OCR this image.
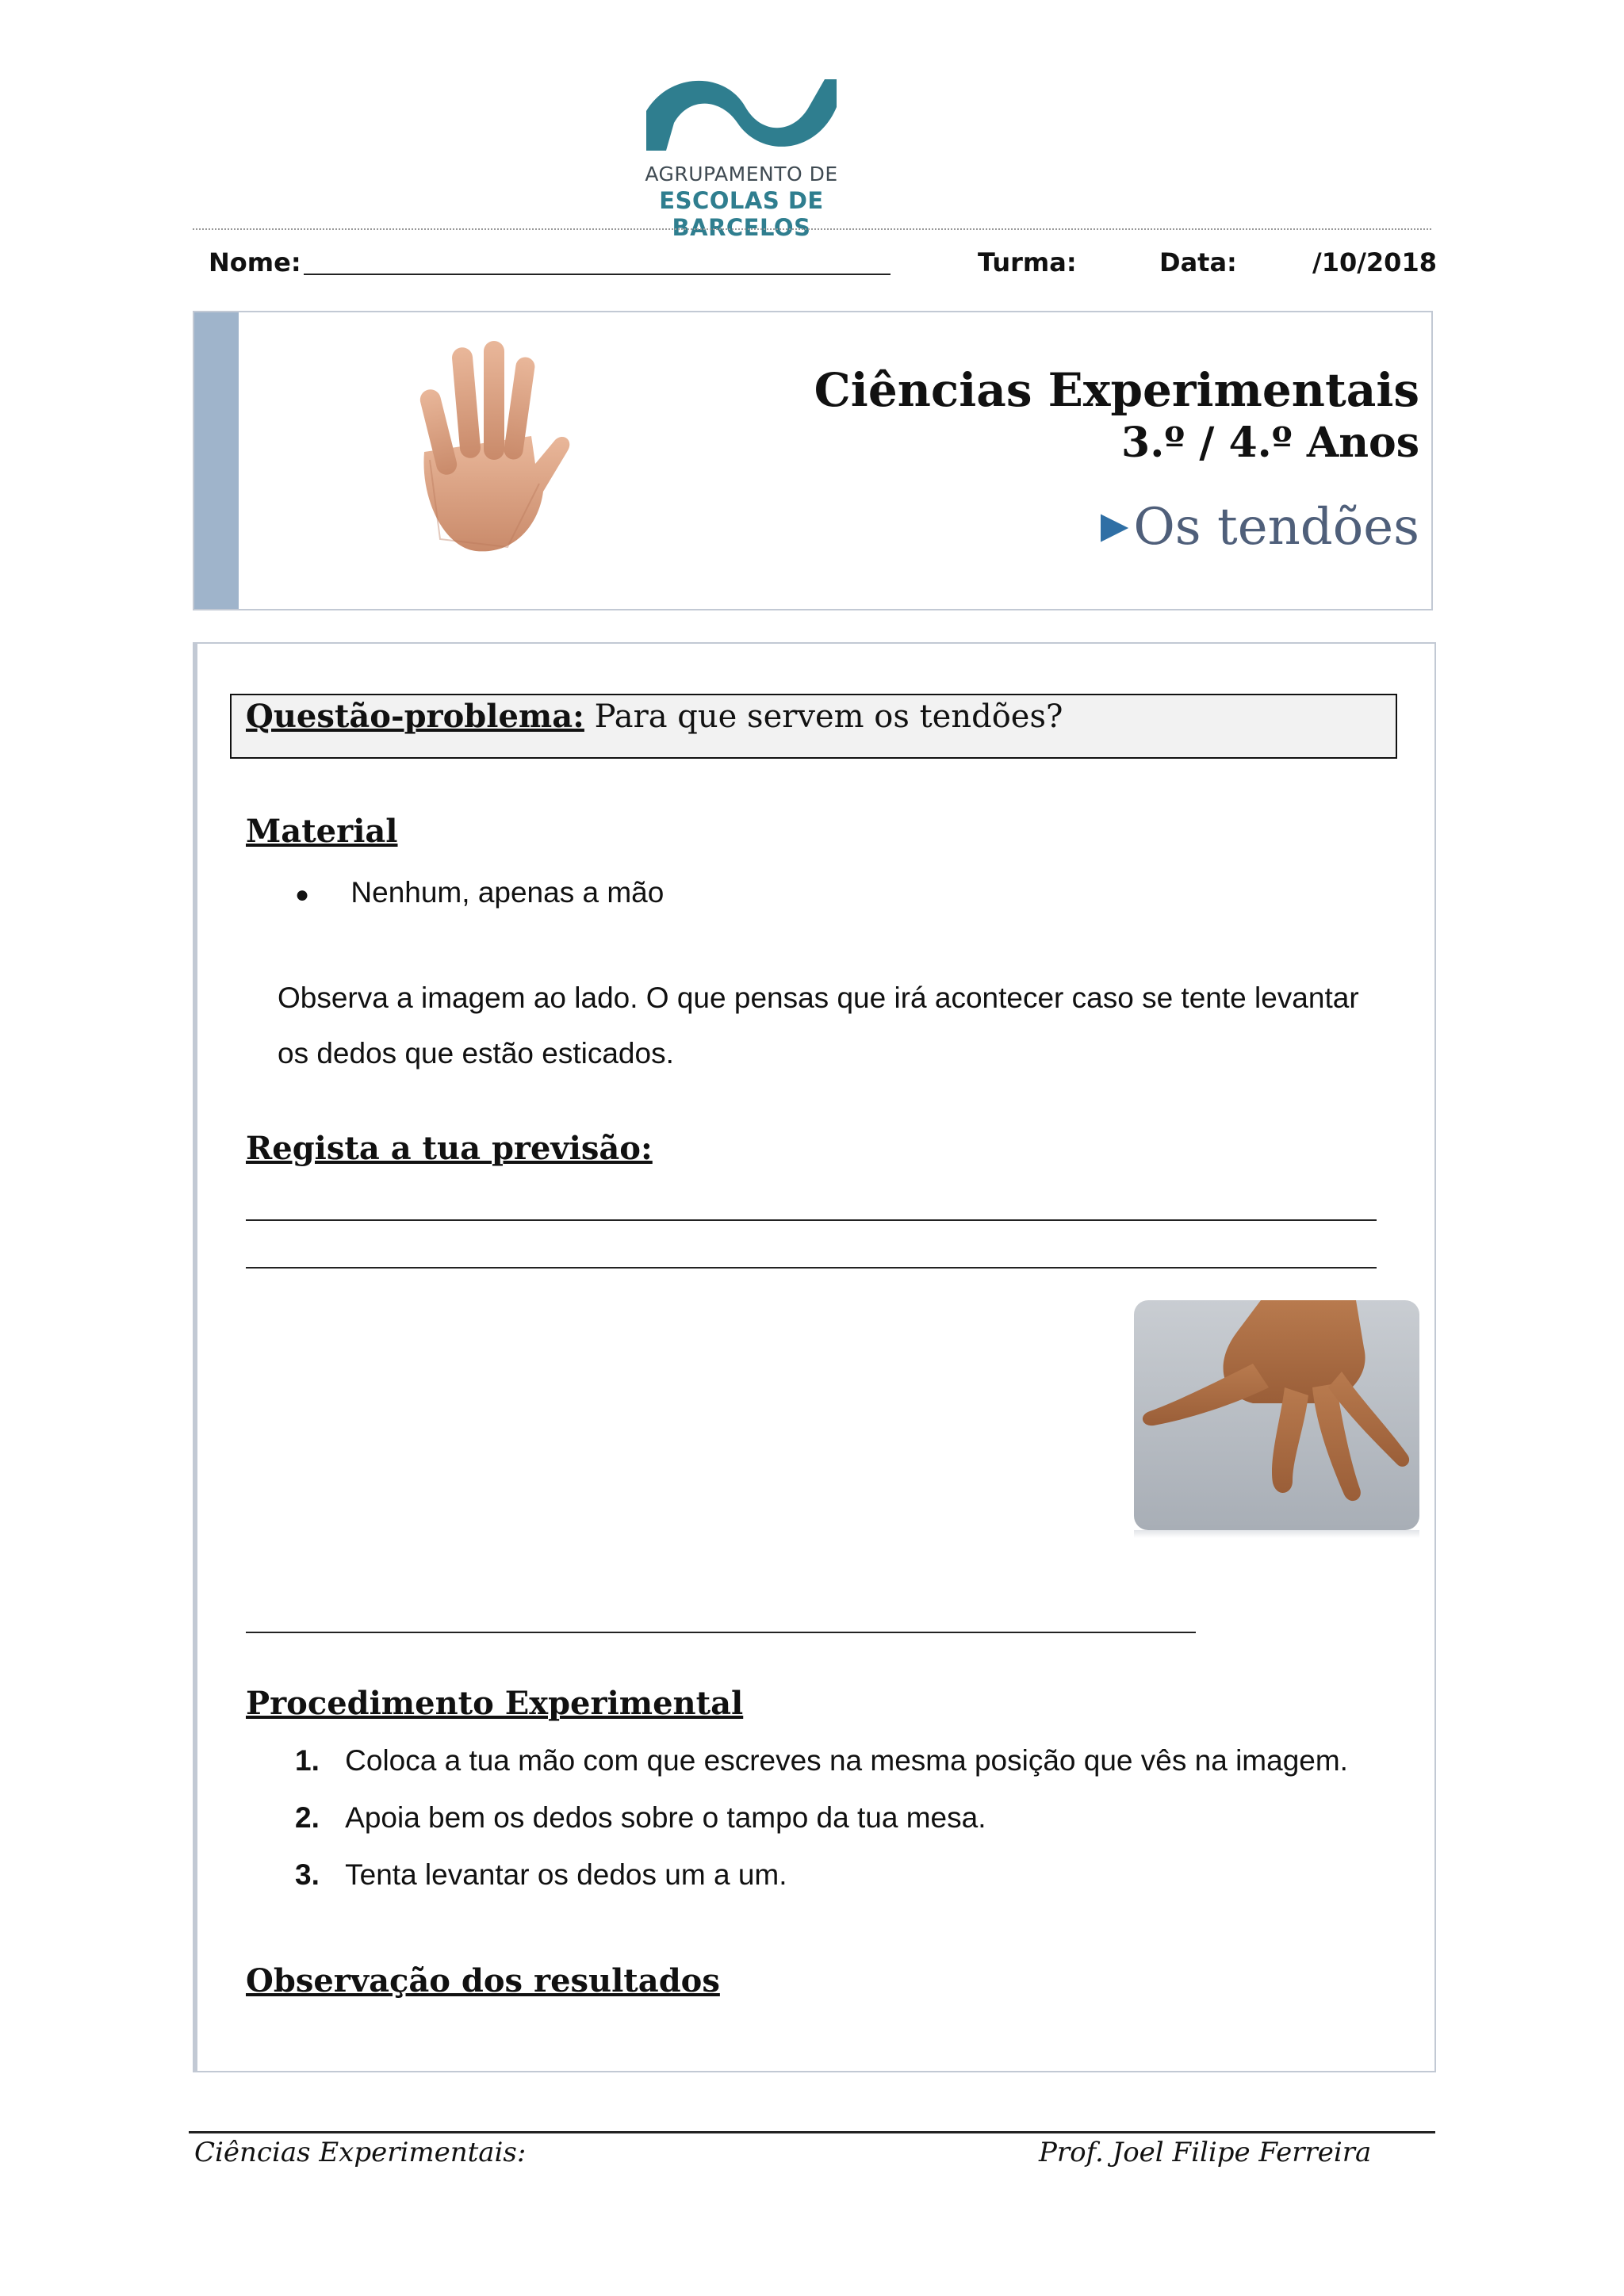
AGRUPAMENTO DE
ESCOLAS DE BARCELOS
Nome:	Turma:	Data:	/10/2018
Ciências Experimentais
3.º / 4.º Anos
▶Os tendões
Questão-problema: Para que servem os tendões?
Material
● Nenhum, apenas a mão
Observa a imagem ao lado. O que pensas que irá acontecer caso se tente levantar
os dedos que estão esticados.
Regista a tua previsão:
Procedimento Experimental
1. Coloca a tua mão com que escreves na mesma posição que vês na imagem.
2. Apoia bem os dedos sobre o tampo da tua mesa.
3. Tenta levantar os dedos um a um.
Observação dos resultados
Ciências Experimentais:	Prof. Joel Filipe Ferreira
